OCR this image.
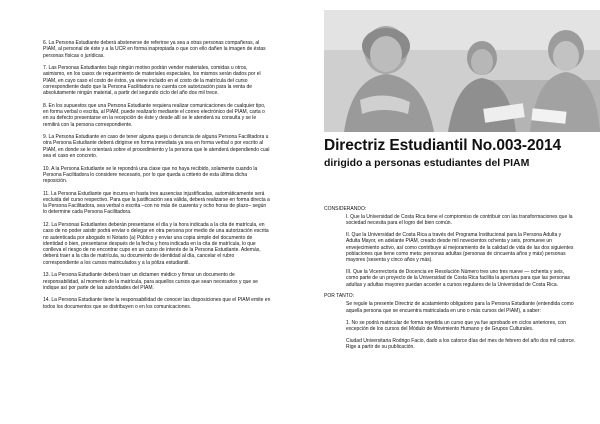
6. La Persona Estudiante deberá abstenerse de referirse ya sea a otras personas compañeras, al PIAM, al personal de éste y a la UCR en forma inapropiada o que con ello dañen la imagen de éstas personas físicas o jurídicas.

7. Las Personas Estudiantes bajo ningún motivo podrán vender materiales, comidas u otros, asimismo, en los casos de requerimiento de materiales especiales, los mismos serán dados por el PIAM, en cuyo caso el costo de éstos, ya viene incluido en el costo de la matrícula del curso correspondiente dado que la Persona Facilitadora no cuenta con autorización para la venta de absolutamente ningún material, a partir del segundo ciclo del año dos mil trece.

8. En los supuestos que una Persona Estudiante requiera realizar comunicaciones de cualquier tipo, en forma verbal o escrita, al PIAM, puede realizarlo mediante el correo electrónico del PIAM, carta o en su defecto presentarse en la recepción de éste y desde allí se le atenderá su consulta y se le remitirá con la persona correspondiente.

9. La Persona Estudiante en caso de tener alguna queja o denuncia de alguna Persona Facilitadora u otra Persona Estudiante deberá dirigirse en forma inmediata ya sea en forma verbal o por escrito al PIAM, en donde se le orientará sobre el procedimiento y la persona que le atenderá dependiendo cual sea el caso en concreto.

10. A la Persona Estudiante se le repondrá una clase que no haya recibido, solamente cuando la Persona Facilitadora lo considere necesario, por lo que queda a criterio de esta última dicha reposición.

11. La Persona Estudiante que incurra en hasta tres ausencias injustificadas, automáticamente será excluida del curso respectivo. Para que la justificación sea válida, deberá realizarse en forma directa a la Persona Facilitadora, sea verbal o escrita –con no más de cuarenta y ocho horas de plazo– según lo determine cada Persona Facilitadora.

12. La Personas Estudiantes deberán presentarse el día y la hora indicada a la cita de matrícula, en caso de no poder asistir podrá enviar o delegar en otra persona por medio de una autorización escrita no autenticada por abogado ni Notario (a) Público y enviar una copia simple del documento de identidad o bien, presentarse después de la fecha y hora indicada en la cita de matrícula, lo que conlleva el riesgo de no encontrar cupo en un curso de interés de la Persona Estudiante. Además, deberá traer a la cita de matrícula, su documento de identidad al día, cancelar el rubro correspondiente a los cursos matriculados y a la póliza estudiantil.

13. La Persona Estudiante deberá traer un dictamen médico y firmar un documento de responsabilidad, al momento de la matrícula, para aquellos cursos que sean necesarios y que se indique así por parte de las autoridades del PIAM.

14. La Persona Estudiante tiene la responsabilidad de conocer las disposiciones que el PIAM emite en todos los documentos que se distribuyen o en los comunicaciones.

Directriz Estudiantil No.003-2014
dirigido a personas estudiantes del PIAM
CONSIDERANDO:

I. Que la Universidad de Costa Rica tiene el compromiso de contribuir con las transformaciones que la sociedad necesita para el logro del bien común.

II. Que la Universidad de Costa Rica a través del Programa Institucional para la Persona Adulta y Adulta Mayor, en adelante PIAM, creado desde mil novecientos ochenta y seis, promueve un envejecimiento activo, así como contribuye al mejoramiento de la calidad de vida de las dos siguientes poblaciones que tiene como meta: personas adultas (personas de cincuenta años y más) personas mayores (sesenta y cinco años y más).

III. Que la Vicerrectoría de Docencia en Resolución Número tres uno tres nueve — ochenta y seis, como parte de un proyecto de la Universidad de Costa Rica facilita la apertura para que las personas adultas y adultas mayores puedan acceder a cursos regulares de la Universidad de Costa Rica.

POR TANTO:

Se regule la presente Directriz de acatamiento obligatorio para la Persona Estudiante (entendida como aquella persona que se encuentra matriculada en uno o más cursos del PIAM), a saber:

1. No se podrá matricular de forma repetida un curso que ya fue aprobado en ciclos anteriores, con excepción de los cursos del Módulo de Movimiento Humano y de Grupos Culturales.

Ciudad Universitaria Rodrigo Facio, dado a los catorce días del mes de febrero del año dos mil catorce. Rige a partir de su publicación.
